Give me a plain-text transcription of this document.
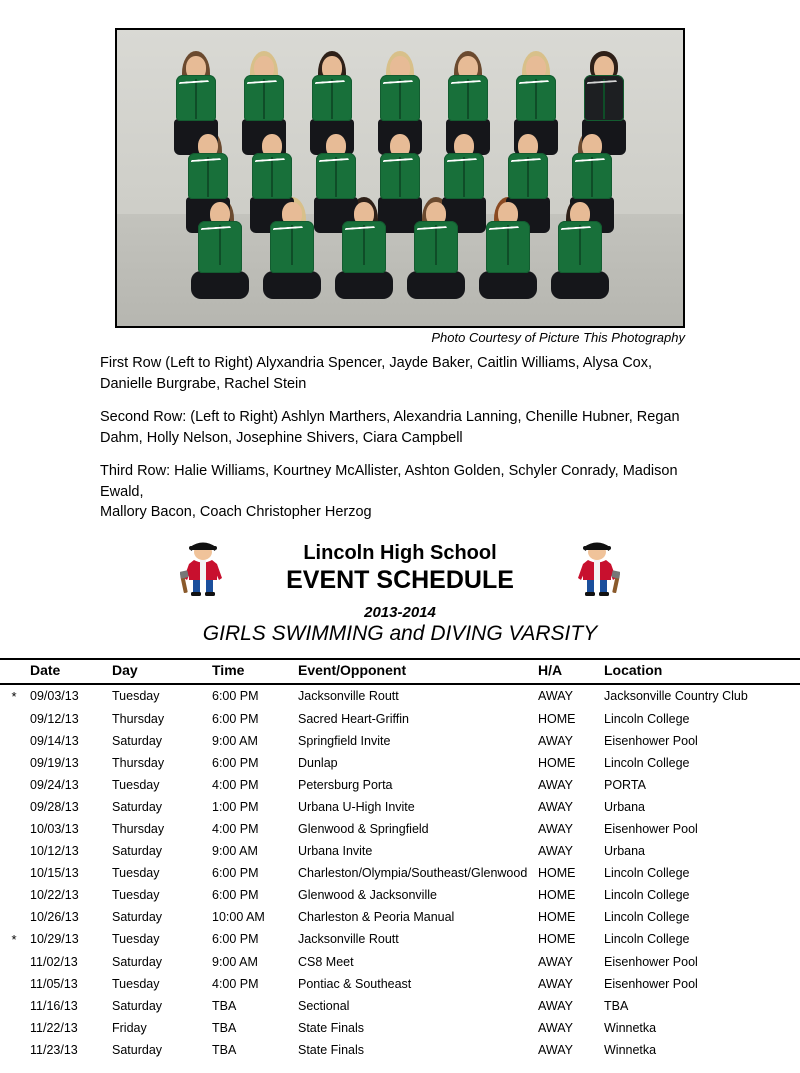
Photo Courtesy of Picture This Photography

First Row (Left to Right) Alyxandria Spencer, Jayde Baker, Caitlin Williams, Alysa Cox, Danielle Burgrabe, Rachel Stein

Second Row: (Left to Right) Ashlyn Marthers, Alexandria Lanning, Chenille Hubner, Regan Dahm, Holly Nelson, Josephine Shivers, Ciara Campbell

Third Row: Halie Williams, Kourtney McAllister, Ashton Golden, Schyler Conrady, Madison Ewald,
Mallory Bacon, Coach Christopher Herzog

Lincoln High School
EVENT SCHEDULE
2013-2014
GIRLS SWIMMING and DIVING VARSITY
	Date	Day	Time	Event/Opponent	H/A	Location
*	09/03/13	Tuesday	6:00 PM	Jacksonville Routt	AWAY	Jacksonville Country Club
	09/12/13	Thursday	6:00 PM	Sacred Heart-Griffin	HOME	Lincoln College
	09/14/13	Saturday	9:00 AM	Springfield Invite	AWAY	Eisenhower Pool
	09/19/13	Thursday	6:00 PM	Dunlap	HOME	Lincoln College
	09/24/13	Tuesday	4:00 PM	Petersburg Porta	AWAY	PORTA
	09/28/13	Saturday	1:00 PM	Urbana U-High Invite	AWAY	Urbana
	10/03/13	Thursday	4:00 PM	Glenwood & Springfield	AWAY	Eisenhower Pool
	10/12/13	Saturday	9:00 AM	Urbana Invite	AWAY	Urbana
	10/15/13	Tuesday	6:00 PM	Charleston/Olympia/Southeast/Glenwood	HOME	Lincoln College
	10/22/13	Tuesday	6:00 PM	Glenwood & Jacksonville	HOME	Lincoln College
	10/26/13	Saturday	10:00 AM	Charleston & Peoria Manual	HOME	Lincoln College
*	10/29/13	Tuesday	6:00 PM	Jacksonville Routt	HOME	Lincoln College
	11/02/13	Saturday	9:00 AM	CS8 Meet	AWAY	Eisenhower Pool
	11/05/13	Tuesday	4:00 PM	Pontiac & Southeast	AWAY	Eisenhower Pool
	11/16/13	Saturday	TBA	Sectional	AWAY	TBA
	11/22/13	Friday	TBA	State Finals	AWAY	Winnetka
	11/23/13	Saturday	TBA	State Finals	AWAY	Winnetka
